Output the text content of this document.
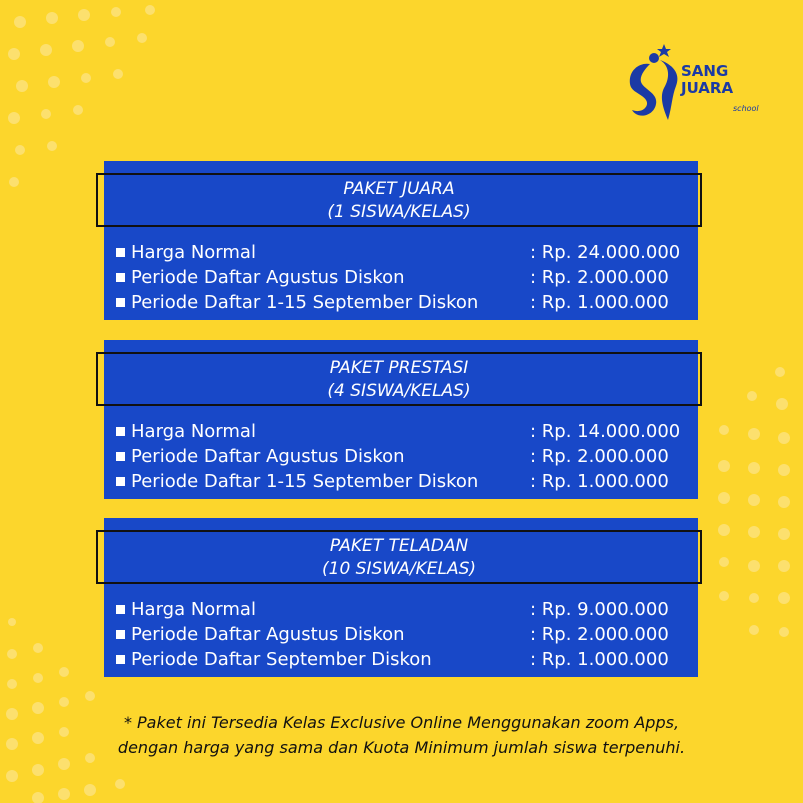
SANG
JUARA
school
PAKET JUARA
(1 SISWA/KELAS)
Harga Normal	: Rp. 24.000.000
Periode Daftar Agustus Diskon	: Rp. 2.000.000
Periode Daftar 1-15 September Diskon	: Rp. 1.000.000
PAKET PRESTASI
(4 SISWA/KELAS)
Harga Normal	: Rp. 14.000.000
Periode Daftar Agustus Diskon	: Rp. 2.000.000
Periode Daftar 1-15 September Diskon	: Rp. 1.000.000
PAKET TELADAN
(10 SISWA/KELAS)
Harga Normal	: Rp. 9.000.000
Periode Daftar Agustus Diskon	: Rp. 2.000.000
Periode Daftar September Diskon	: Rp. 1.000.000
* Paket ini Tersedia Kelas Exclusive Online Menggunakan zoom Apps,
dengan harga yang sama dan Kuota Minimum jumlah siswa terpenuhi.
